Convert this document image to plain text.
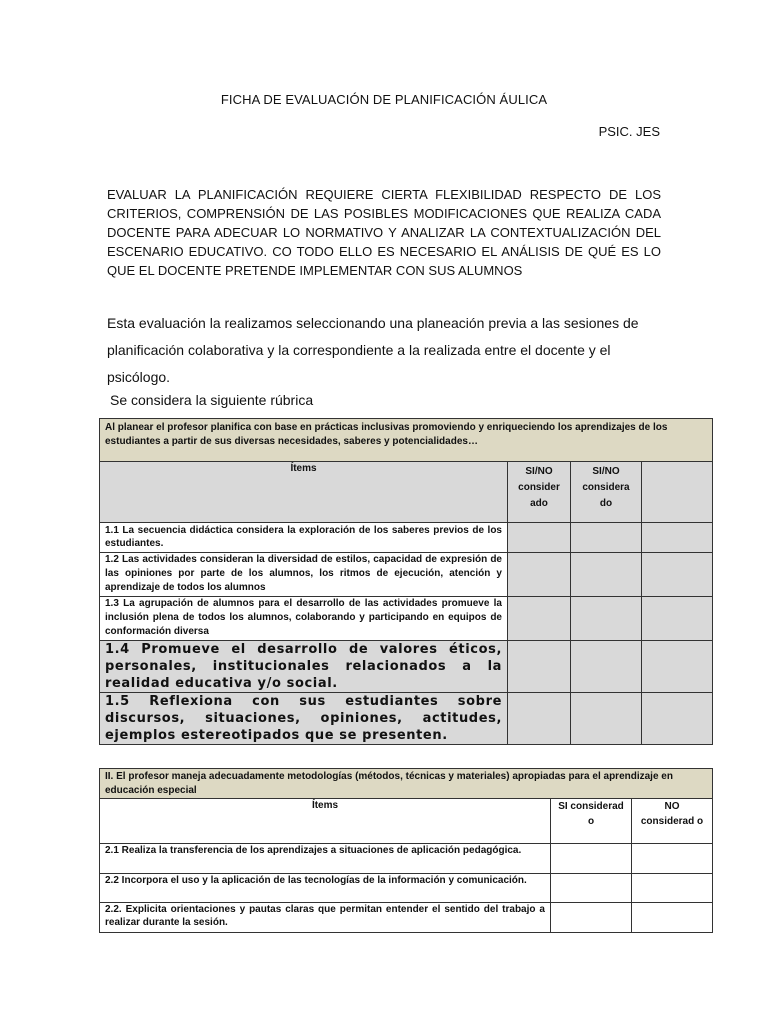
FICHA DE EVALUACIÓN DE PLANIFICACIÓN ÁULICA
PSIC. JES
EVALUAR LA PLANIFICACIÓN REQUIERE CIERTA FLEXIBILIDAD RESPECTO DE LOS CRITERIOS, COMPRENSIÓN DE LAS POSIBLES MODIFICACIONES QUE REALIZA CADA DOCENTE PARA ADECUAR LO NORMATIVO Y ANALIZAR LA CONTEXTUALIZACIÓN DEL ESCENARIO EDUCATIVO. CO TODO ELLO ES NECESARIO EL ANÁLISIS DE QUÉ ES LO QUE EL DOCENTE PRETENDE IMPLEMENTAR CON SUS ALUMNOS
Esta evaluación la realizamos seleccionando una planeación previa a las sesiones de planificación colaborativa y la correspondiente a la realizada entre el docente y el psicólogo.
Se considera la siguiente rúbrica
Al planear el profesor planifica con base en prácticas inclusivas promoviendo y enriqueciendo los aprendizajes de los estudiantes a partir de sus diversas necesidades, saberes y potencialidades…			
Ítems	SI/NO consider ado	SI/NO considera do	
1.1 La secuencia didáctica considera la exploración de los saberes previos de los estudiantes.			
1.2 Las actividades consideran la diversidad de estilos, capacidad de expresión de las opiniones por parte de los alumnos, los ritmos de ejecución, atención y aprendizaje de todos los alumnos			
1.3 La agrupación de alumnos para el desarrollo de las actividades promueve la inclusión plena de todos los alumnos, colaborando y participando en equipos de conformación diversa			
1.4 Promueve el desarrollo de valores éticos, personales, institucionales relacionados a la realidad educativa y/o social.			
1.5 Reflexiona con sus estudiantes sobre discursos, situaciones, opiniones, actitudes, ejemplos estereotipados que se presenten.			
II. El profesor maneja adecuadamente metodologías (métodos, técnicas y materiales) apropiadas para el aprendizaje en educación especial		
Ítems	SI considerad o	NO considerad o
2.1 Realiza la transferencia de los aprendizajes a situaciones de aplicación pedagógica.		
2.2 Incorpora el uso y la aplicación de las tecnologías de la información y comunicación.		
2.2. Explicita orientaciones y pautas claras que permitan entender el sentido del trabajo a realizar durante la sesión.		
